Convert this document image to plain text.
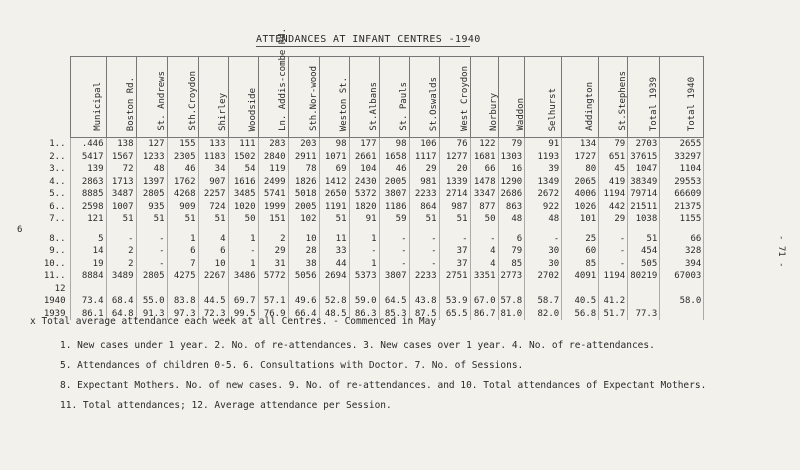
ATTENDANCES AT INFANT CENTRES -1940

	Municipal	Boston Rd.	St. Andrews	Sth.Croydon	Shirley	Woodside	Ln. Addis-combe Rd.	Sth.Nor-wood	Weston St.	St.Albans	St. Pauls	St.Oswalds	West Croydon	Norbury	Waddon	Selhurst	Addington	St.Stephens	Total 1939	Total 1940

1..	.446	138	127	155	133	111	283	203	98	177	98	106	76	122	79	91	134	79	2703	2655
2..	5417	1567	1233	2305	1183	1502	2840	2911	1071	2661	1658	1117	1277	1681	1303	1193	1727	651	37615	33297
3..	139	72	48	46	34	54	119	78	69	104	46	29	20	66	16	39	80	45	1047	1104
4..	2863	1713	1397	1762	907	1616	2499	1826	1412	2430	2005	981	1339	1478	1290	1349	2065	419	38349	29553
5..	8885	3487	2805	4268	2257	3485	5741	5018	2650	5372	3807	2233	2714	3347	2686	2672	4006	1194	79714	66609
6..	2598	1007	935	909	724	1020	1999	2005	1191	1820	1186	864	987	877	863	922	1026	442	21511	21375
7..	121	51	51	51	51	50	151	102	51	91	59	51	51	50	48	48	101	29	1038	1155

8..	5	-	-	1	4	1	2	10	11	1	-	-	-	-	6	-	25	-	51	66
9..	14	2	-	6	6	-	29	28	33	-	-	-	37	4	79	30	60	-	454	328
10..	19	2	-	7	10	1	31	38	44	1	-	-	37	4	85	30	85	-	505	394
11..	8884	3489	2805	4275	2267	3486	5772	5056	2694	5373	3807	2233	2751	3351	2773	2702	4091	1194	80219	67003
12																				
1940	73.4	68.4	55.0	83.8	44.5	69.7	57.1	49.6	52.8	59.0	64.5	43.8	53.9	67.0	57.8	58.7	40.5	41.2		58.0
1939	86.1	64.8	91.3	97.3	72.3	99.5	76.9	66.4	48.5	86.3	85.3	87.5	65.5	86.7	81.0	82.0	56.8	51.7	77.3	
6
- 71 -
x Total average attendance each week at all Centres. - Commenced in May
1. New cases under 1 year. 2. No. of re-attendances. 3. New cases over 1 year. 4. No. of re-attendances.
5. Attendances of children 0-5. 6. Consultations with Doctor. 7. No. of Sessions.
8. Expectant Mothers. No. of new cases. 9. No. of re-attendances. and 10. Total attendances of Expectant Mothers.
11. Total attendances; 12. Average attendance per Session.
